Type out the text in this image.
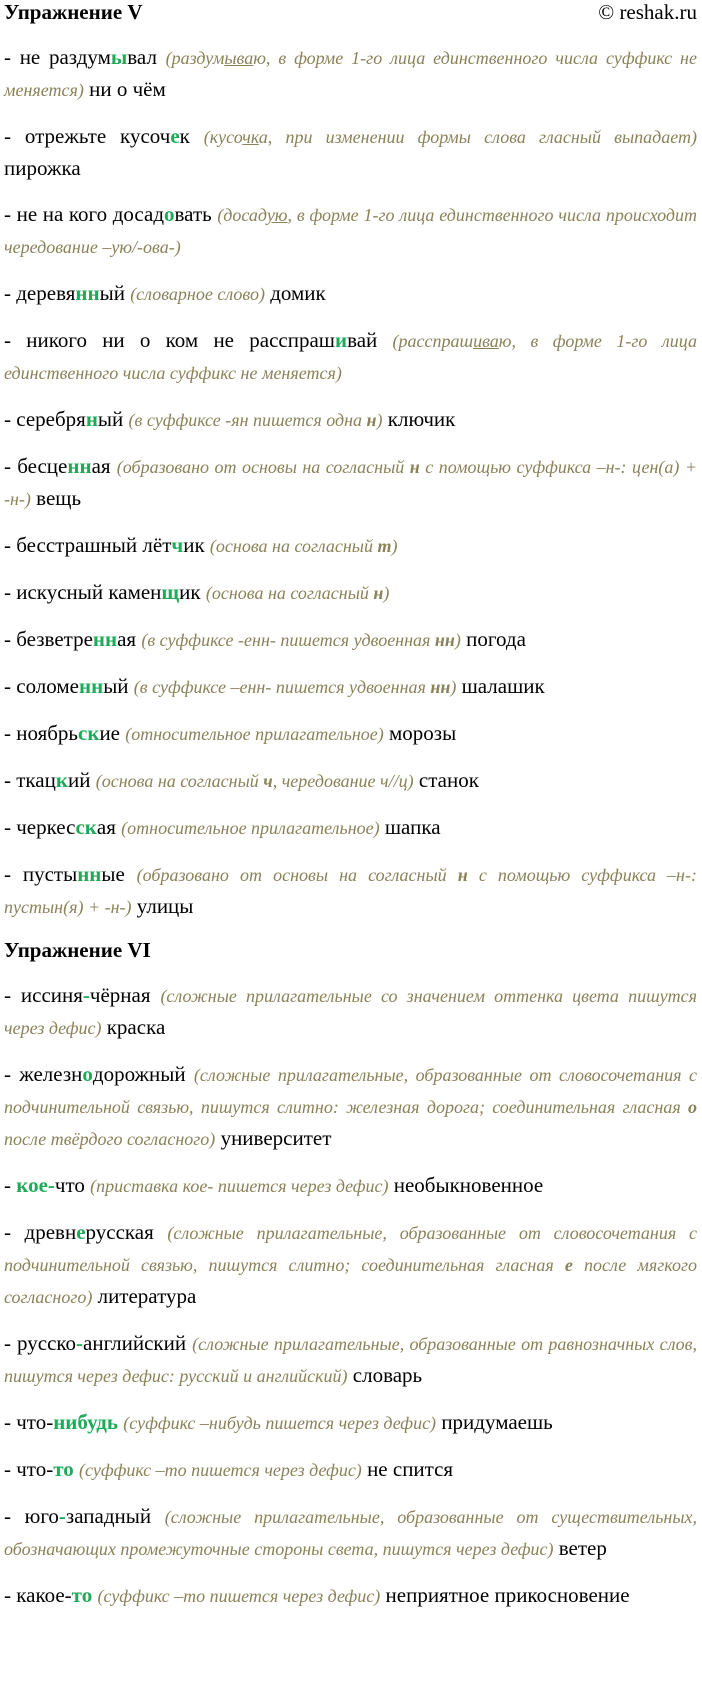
Упражнение V	© reshak.ru

- не раздумывал (раздумываю, в форме 1-го лица единственного числа суффикс не меняется) ни о чём

- отрежьте кусочек (кусочка, при изменении формы слова гласный выпадает) пирожка

- не на кого досадовать (досадую, в форме 1-го лица единственного числа происходит чередование –ую/-ова-)

- деревянный (словарное слово) домик

- никого ни о ком не расспрашивай (расспрашиваю, в форме 1-го лица единственного числа суффикс не меняется)

- серебряный (в суффиксе -ян пишется одна н) ключик

- бесценная (образовано от основы на согласный н с помощью суффикса –н-: цен(а) + -н-) вещь

- бесстрашный лётчик (основа на согласный т)

- искусный каменщик (основа на согласный н)

- безветренная (в суффиксе -енн- пишется удвоенная нн) погода

- соломенный (в суффиксе –енн- пишется удвоенная нн) шалашик

- ноябрьские (относительное прилагательное) морозы

- ткацкий (основа на согласный ч, чередование ч//ц) станок

- черкесская (относительное прилагательное) шапка

- пустынные (образовано от основы на согласный н с помощью суффикса –н-: пустын(я) + -н-) улицы

Упражнение VI

- иссиня-чёрная (сложные прилагательные со значением оттенка цвета пишутся через дефис) краска

- железнодорожный (сложные прилагательные, образованные от словосочетания с подчинительной связью, пишутся слитно: железная дорога; соединительная гласная о после твёрдого согласного) университет

- кое-что (приставка кое- пишется через дефис) необыкновенное

- древнерусская (сложные прилагательные, образованные от словосочетания с подчинительной связью, пишутся слитно; соединительная гласная е после мягкого согласного) литература

- русско-английский (сложные прилагательные, образованные от равнозначных слов, пишутся через дефис: русский и английский) словарь

- что-нибудь (суффикс –нибудь пишется через дефис) придумаешь

- что-то (суффикс –то пишется через дефис) не спится

- юго-западный (сложные прилагательные, образованные от существительных, обозначающих промежуточные стороны света, пишутся через дефис) ветер

- какое-то (суффикс –то пишется через дефис) неприятное прикосновение
